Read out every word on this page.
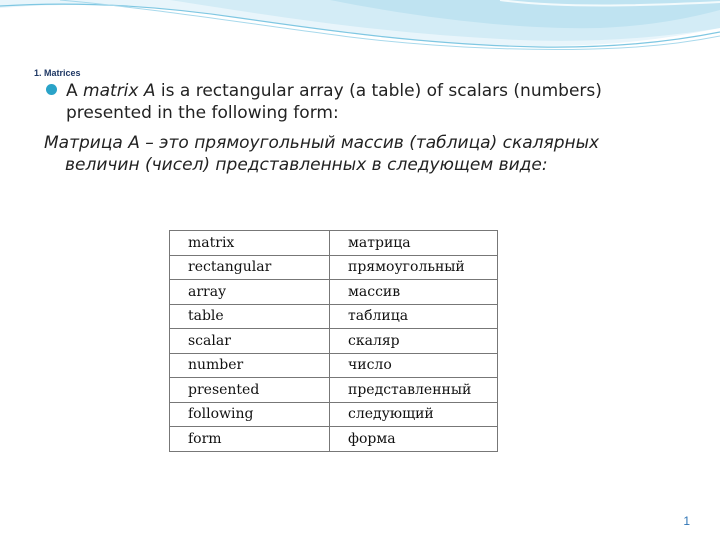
1. Matrices

A matrix A is a rectangular array (a table) of scalars (numbers) presented in the following form:

Матрица А – это прямоугольный массив (таблица) скалярных величин (чисел) представленных в следующем виде:

matrix	матрица
rectangular	прямоугольный
array	массив
table	таблица
scalar	скаляр
number	число
presented	представленный
following	следующий
form	форма
1
